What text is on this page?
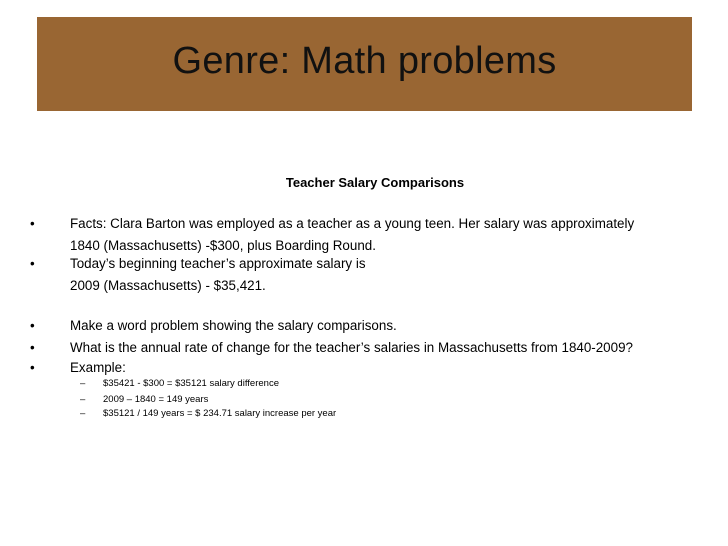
Genre: Math problems
Teacher Salary Comparisons
•	Facts: Clara Barton was employed as a teacher as a young teen. Her salary was approximately
1840 (Massachusetts) -$300, plus Boarding Round.
•	Today’s beginning teacher’s approximate salary is
2009 (Massachusetts) - $35,421.
•	Make a word problem showing the salary comparisons.
•	What is the annual rate of change for the teacher’s salaries in Massachusetts from 1840-2009?
•	Example:
–	$35421 - $300 = $35121 salary difference
–	2009 – 1840 = 149 years
–	$35121 / 149 years = $ 234.71 salary increase per year
